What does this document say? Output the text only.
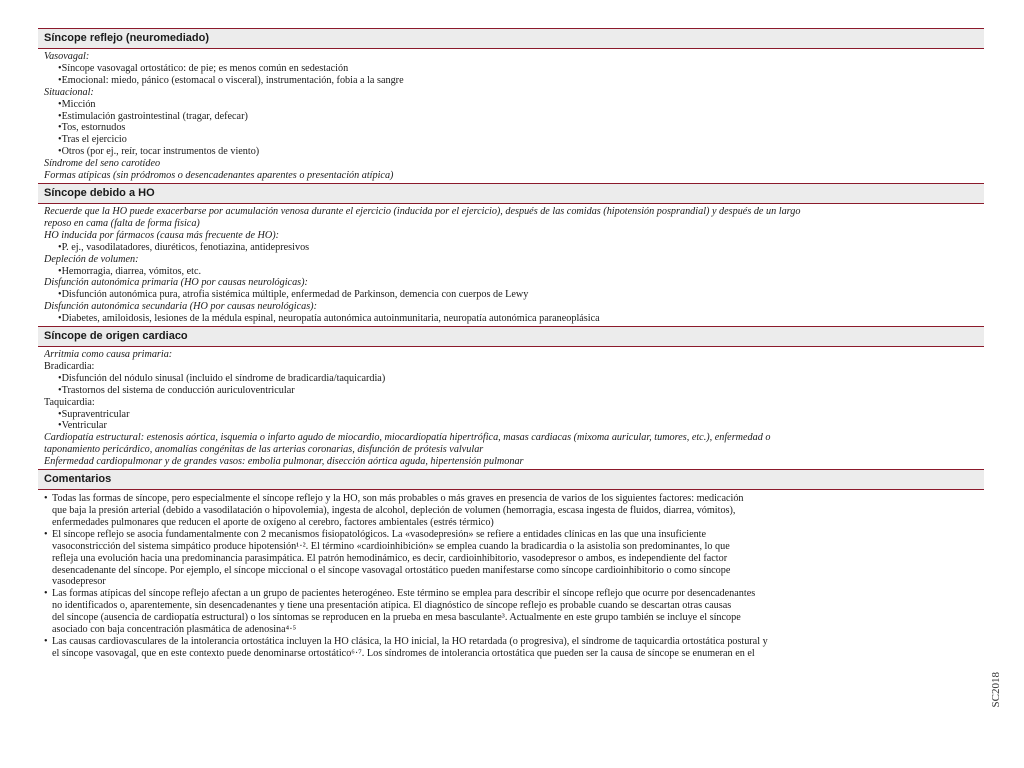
Síncope reflejo (neuromediado)
Vasovagal:
• Síncope vasovagal ortostático: de pie; es menos común en sedestación
• Emocional: miedo, pánico (estomacal o visceral), instrumentación, fobia a la sangre
Situacional:
• Micción
• Estimulación gastrointestinal (tragar, defecar)
• Tos, estornudos
• Tras el ejercicio
• Otros (por ej., reír, tocar instrumentos de viento)
Síndrome del seno carotídeo
Formas atípicas (sin pródromos o desencadenantes aparentes o presentación atípica)
Síncope debido a HO
Recuerde que la HO puede exacerbarse por acumulación venosa durante el ejercicio (inducida por el ejercicio), después de las comidas (hipotensión posprandial) y después de un largo
reposo en cama (falta de forma física)
HO inducida por fármacos (causa más frecuente de HO):
• P. ej., vasodilatadores, diuréticos, fenotiazina, antidepresivos
Depleción de volumen:
• Hemorragia, diarrea, vómitos, etc.
Disfunción autonómica primaria (HO por causas neurológicas):
• Disfunción autonómica pura, atrofia sistémica múltiple, enfermedad de Parkinson, demencia con cuerpos de Lewy
Disfunción autonómica secundaria (HO por causas neurológicas):
• Diabetes, amiloidosis, lesiones de la médula espinal, neuropatía autonómica autoinmunitaria, neuropatía autonómica paraneoplásica
Síncope de origen cardiaco
Arritmia como causa primaria:
Bradicardia:
• Disfunción del nódulo sinusal (incluido el síndrome de bradicardia/taquicardia)
• Trastornos del sistema de conducción auriculoventricular
Taquicardia:
• Supraventricular
• Ventricular
Cardiopatía estructural: estenosis aórtica, isquemia o infarto agudo de miocardio, miocardiopatía hipertrófica, masas cardiacas (mixoma auricular, tumores, etc.), enfermedad o
taponamiento pericárdico, anomalías congénitas de las arterias coronarias, disfunción de prótesis valvular
Enfermedad cardiopulmonar y de grandes vasos: embolia pulmonar, disección aórtica aguda, hipertensión pulmonar
Comentarios
• Todas las formas de síncope, pero especialmente el síncope reflejo y la HO, son más probables o más graves en presencia de varios de los siguientes factores: medicación
que baja la presión arterial (debido a vasodilatación o hipovolemia), ingesta de alcohol, depleción de volumen (hemorragia, escasa ingesta de fluidos, diarrea, vómitos),
enfermedades pulmonares que reducen el aporte de oxígeno al cerebro, factores ambientales (estrés térmico)
• El síncope reflejo se asocia fundamentalmente con 2 mecanismos fisiopatológicos. La «vasodepresión» se refiere a entidades clínicas en las que una insuficiente
vasoconstricción del sistema simpático produce hipotensión¹·². El término «cardioinhibición» se emplea cuando la bradicardia o la asistolia son predominantes, lo que
refleja una evolución hacia una predominancia parasimpática. El patrón hemodinámico, es decir, cardioinhibitorio, vasodepresor o ambos, es independiente del factor
desencadenante del síncope. Por ejemplo, el síncope miccional o el síncope vasovagal ortostático pueden manifestarse como síncope cardioinhibitorio o como síncope
vasodepresor
• Las formas atípicas del síncope reflejo afectan a un grupo de pacientes heterogéneo. Este término se emplea para describir el síncope reflejo que ocurre por desencadenantes
no identificados o, aparentemente, sin desencadenantes y tiene una presentación atípica. El diagnóstico de síncope reflejo es probable cuando se descartan otras causas
del síncope (ausencia de cardiopatía estructural) o los síntomas se reproducen en la prueba en mesa basculante³. Actualmente en este grupo también se incluye el síncope
asociado con baja concentración plasmática de adenosina⁴·⁵
• Las causas cardiovasculares de la intolerancia ortostática incluyen la HO clásica, la HO inicial, la HO retardada (o progresiva), el síndrome de taquicardia ortostática postural y
el síncope vasovagal, que en este contexto puede denominarse ortostático⁶·⁷. Los síndromes de intolerancia ortostática que pueden ser la causa de síncope se enumeran en el
SC2018
